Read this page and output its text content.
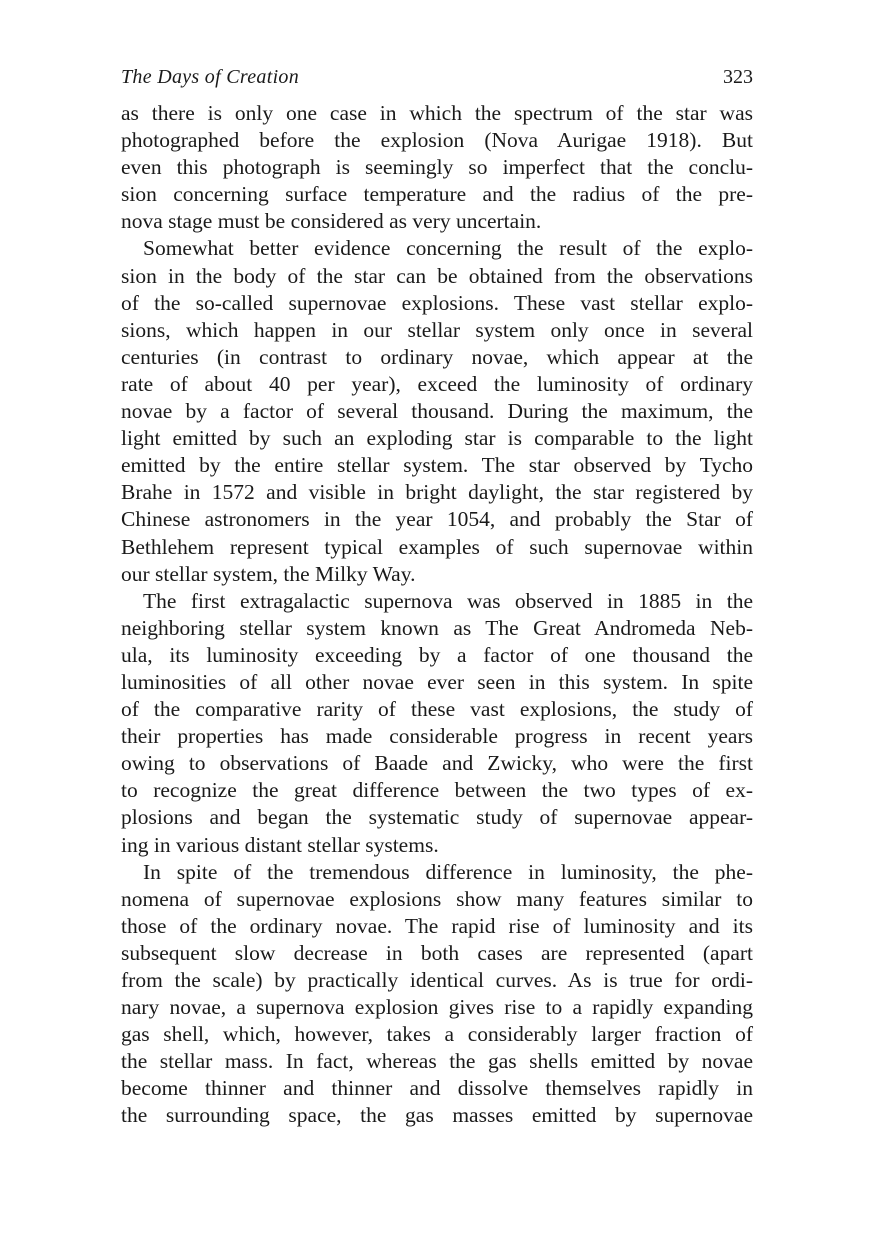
The Days of Creation	323
as there is only one case in which the spectrum of the star was
photographed before the explosion (Nova Aurigae 1918). But
even this photograph is seemingly so imperfect that the conclu-
sion concerning surface temperature and the radius of the pre-
nova stage must be considered as very uncertain.
Somewhat better evidence concerning the result of the explo-
sion in the body of the star can be obtained from the observations
of the so-called supernovae explosions. These vast stellar explo-
sions, which happen in our stellar system only once in several
centuries (in contrast to ordinary novae, which appear at the
rate of about 40 per year), exceed the luminosity of ordinary
novae by a factor of several thousand. During the maximum, the
light emitted by such an exploding star is comparable to the light
emitted by the entire stellar system. The star observed by Tycho
Brahe in 1572 and visible in bright daylight, the star registered by
Chinese astronomers in the year 1054, and probably the Star of
Bethlehem represent typical examples of such supernovae within
our stellar system, the Milky Way.
The first extragalactic supernova was observed in 1885 in the
neighboring stellar system known as The Great Andromeda Neb-
ula, its luminosity exceeding by a factor of one thousand the
luminosities of all other novae ever seen in this system. In spite
of the comparative rarity of these vast explosions, the study of
their properties has made considerable progress in recent years
owing to observations of Baade and Zwicky, who were the first
to recognize the great difference between the two types of ex-
plosions and began the systematic study of supernovae appear-
ing in various distant stellar systems.
In spite of the tremendous difference in luminosity, the phe-
nomena of supernovae explosions show many features similar to
those of the ordinary novae. The rapid rise of luminosity and its
subsequent slow decrease in both cases are represented (apart
from the scale) by practically identical curves. As is true for ordi-
nary novae, a supernova explosion gives rise to a rapidly expanding
gas shell, which, however, takes a considerably larger fraction of
the stellar mass. In fact, whereas the gas shells emitted by novae
become thinner and thinner and dissolve themselves rapidly in
the surrounding space, the gas masses emitted by supernovae
